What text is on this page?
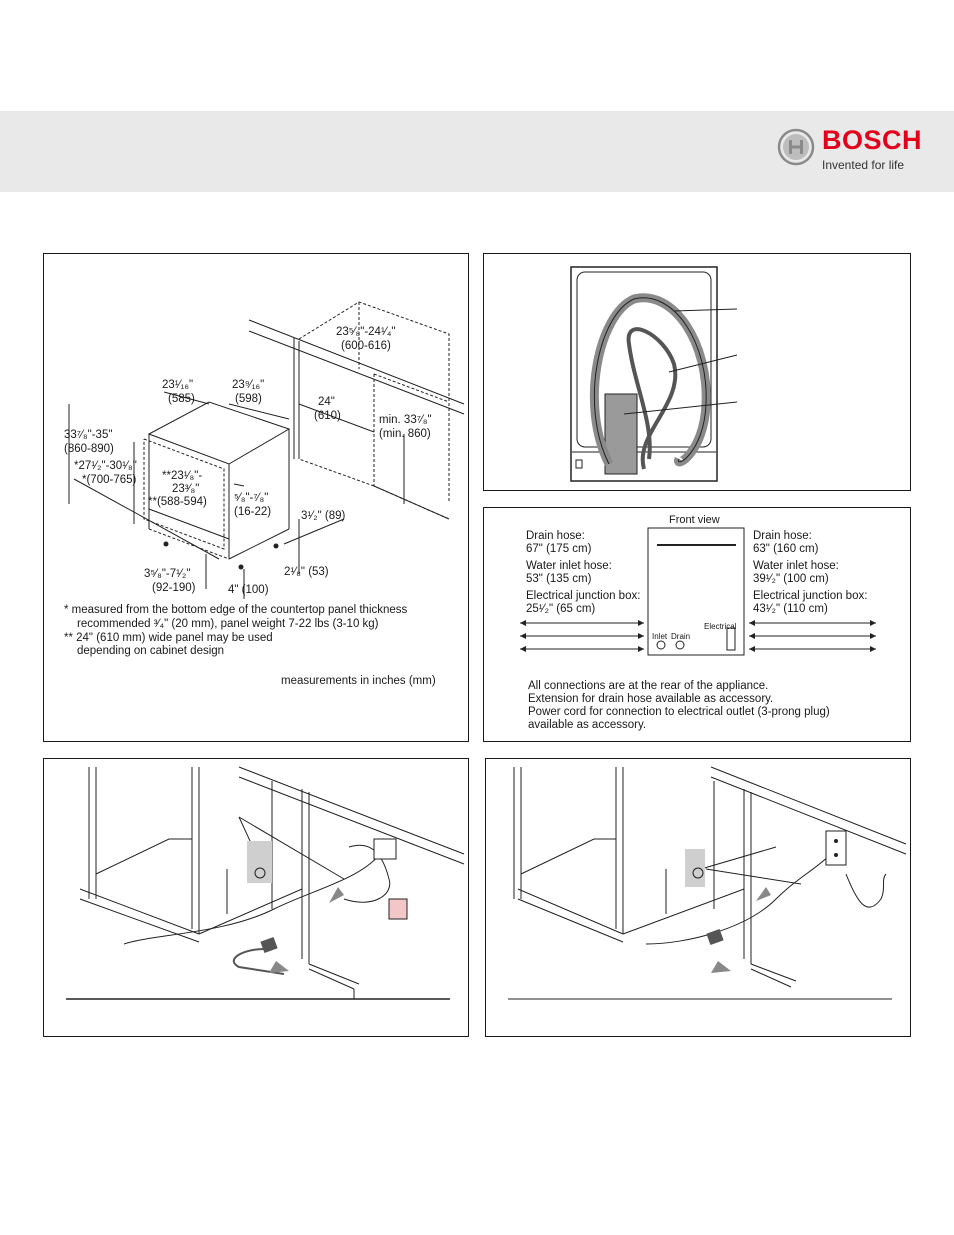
BOSCH
Invented for life
23⁵⁄₈"-24¹⁄₄"
(600-616)
23¹⁄₁₆"
(585)
23⁹⁄₁₆"
(598)	24"
(610)	min. 33⁷⁄₈"
(min. 860)
33⁷⁄₈"-35"
(860-890)
*27¹⁄₂"-30¹⁄₈"
*(700-765) **23¹⁄₈"-
23³⁄₈"
**(588-594) ⁵⁄₈"-⁷⁄₈"
(16-22)	3¹⁄₂" (89)
3⁵⁄₈"-7¹⁄₂"
(92-190)
2¹⁄₈" (53)
4" (100)
* measured from the bottom edge of the countertop panel thickness
recommended ³⁄₄" (20 mm), panel weight 7-22 lbs (3-10 kg)
** 24" (610 mm) wide panel may be used
depending on cabinet design
measurements in inches (mm)
Front view
Drain hose:
67" (175 cm)
Water inlet hose:
53" (135 cm)
Electrical junction box:
25¹⁄₂" (65 cm)
Drain hose:
63" (160 cm)
Water inlet hose:
39¹⁄₂" (100 cm)
Electrical junction box:
43¹⁄₂" (110 cm)
Inlet Drain
Electrical
All connections are at the rear of the appliance.
Extension for drain hose available as accessory.
Power cord for connection to electrical outlet (3-prong plug)
available as accessory.
